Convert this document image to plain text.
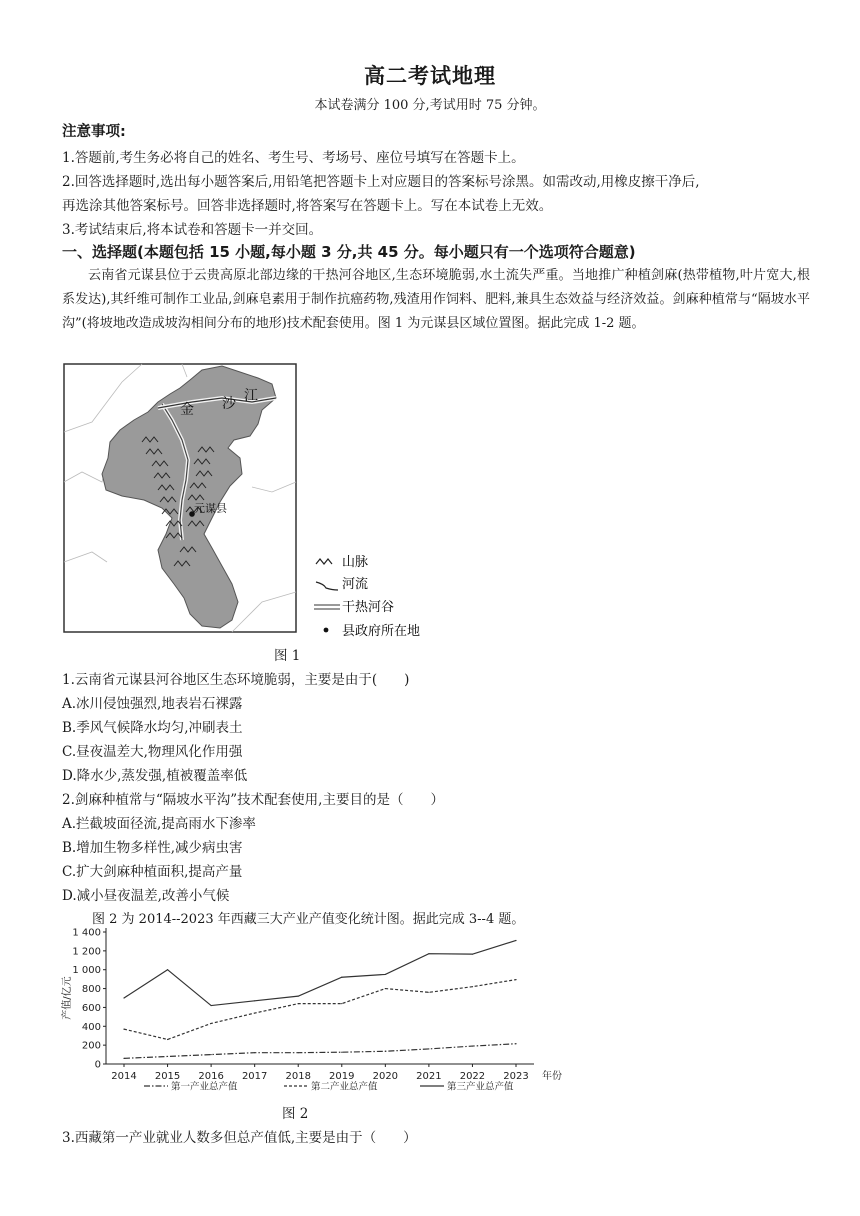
高二考试地理
本试卷满分 100 分,考试用时 75 分钟。
注意事项:
1.答题前,考生务必将自己的姓名、考生号、考场号、座位号填写在答题卡上。
2.回答选择题时,选出每小题答案后,用铅笔把答题卡上对应题目的答案标号涂黑。如需改动,用橡皮擦干净后,
再选涂其他答案标号。回答非选择题时,将答案写在答题卡上。写在本试卷上无效。
3.考试结束后,将本试卷和答题卡一并交回。
一、选择题(本题包括 15 小题,每小题 3 分,共 45 分。每小题只有一个选项符合题意)
云南省元谋县位于云贵高原北部边缘的干热河谷地区,生态环境脆弱,水土流失严重。当地推广种植剑麻(热带植物,叶片宽大,根系发达),其纤维可制作工业品,剑麻皂素用于制作抗癌药物,残渣用作饲料、肥料,兼具生态效益与经济效益。剑麻种植常与“隔坡水平沟”(将坡地改造成坡沟相间分布的地形)技术配套使用。图 1 为元谋县区域位置图。据此完成 1-2 题。
元谋县
金 沙 江
山脉
河流
干热河谷
县政府所在地
图 1
1.云南省元谋县河谷地区生态环境脆弱，主要是由于(　　)
A.冰川侵蚀强烈,地表岩石裸露
B.季风气候降水均匀,冲刷表土
C.昼夜温差大,物理风化作用强
D.降水少,蒸发强,植被覆盖率低
2.剑麻种植常与“隔坡水平沟”技术配套使用,主要目的是（　　）
A.拦截坡面径流,提高雨水下渗率
B.增加生物多样性,减少病虫害
C.扩大剑麻种植面积,提高产量
D.减小昼夜温差,改善小气候
图 2 为 2014--2023 年西藏三大产业产值变化统计图。据此完成 3--4 题。
0
200
400
600
800
1 000
1 200
1 400
产值/亿元
2014 2015 2016 2017 2018 2019 2020 2021 2022 2023 年份
第一产业总产值	第二产业总产值	第三产业总产值
图 2
3.西藏第一产业就业人数多但总产值低,主要是由于（　　）
